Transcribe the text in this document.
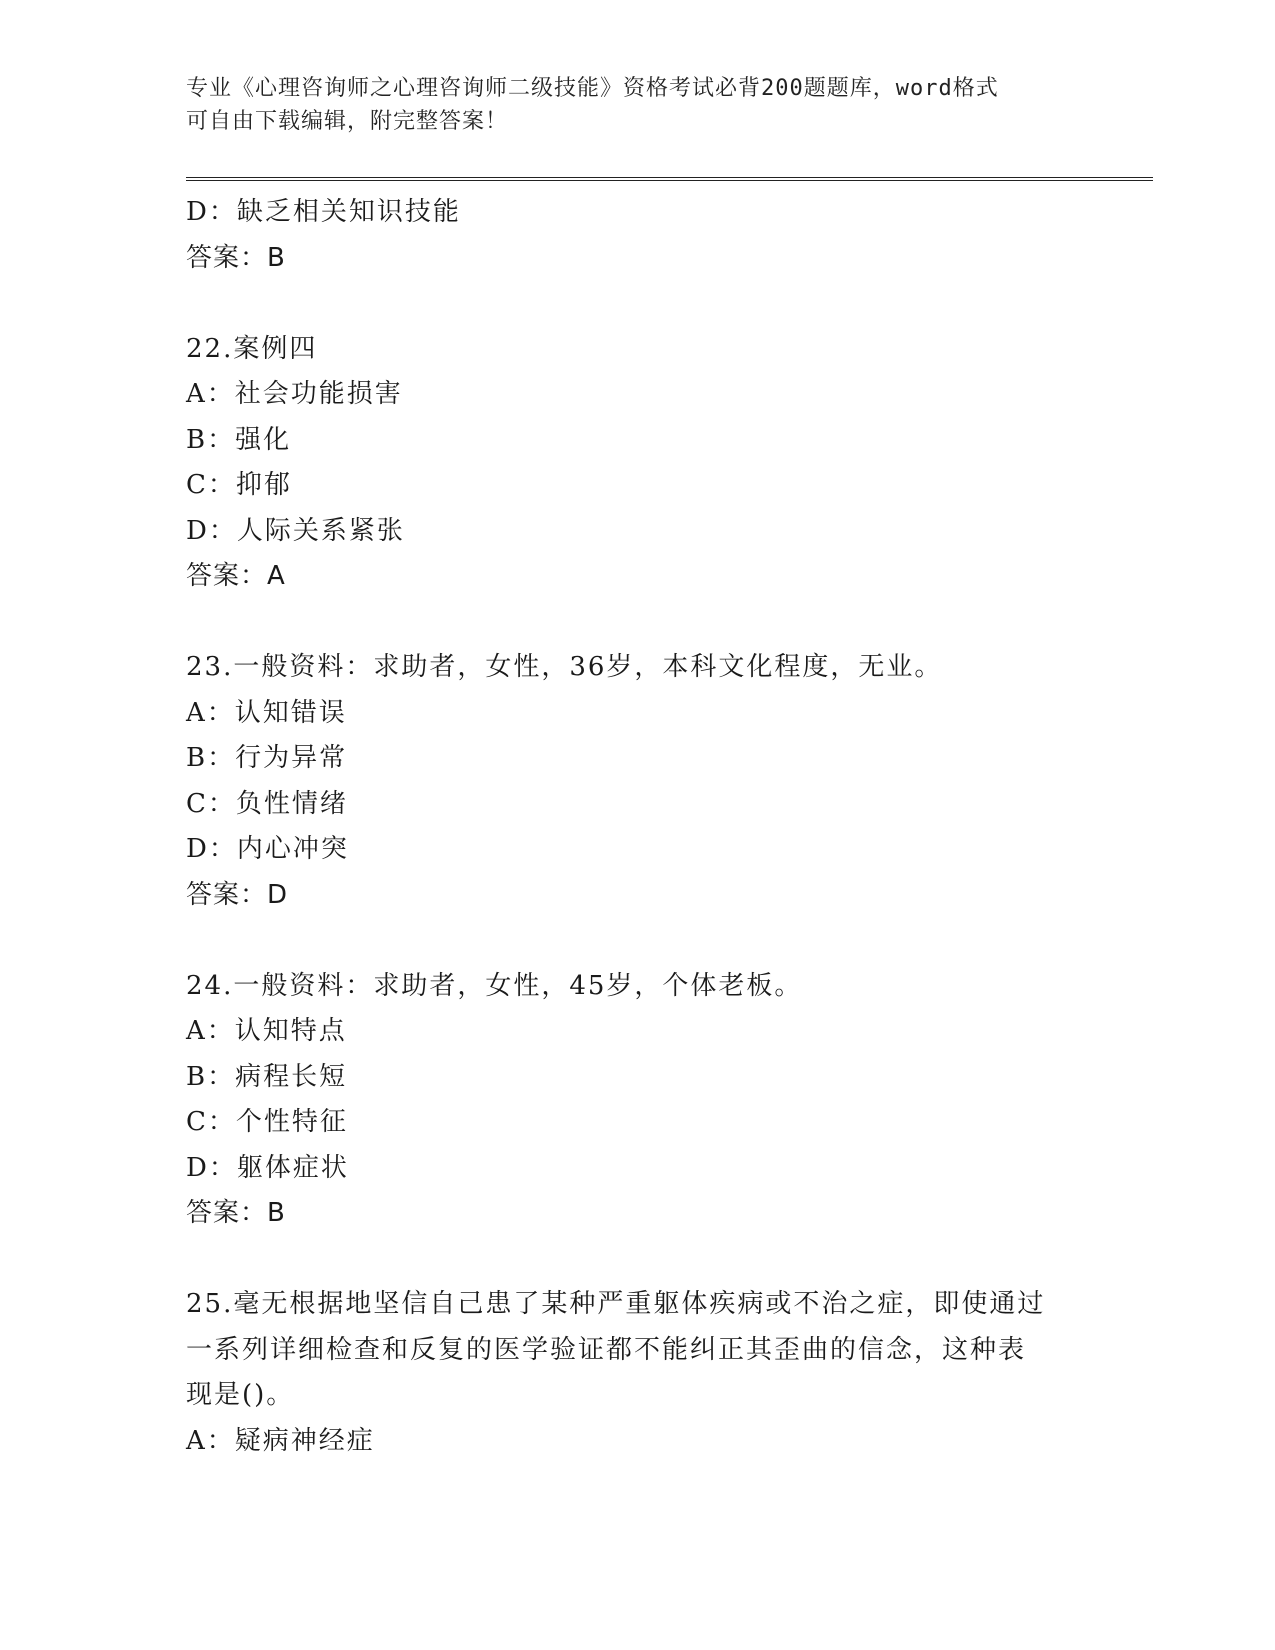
专业《心理咨询师之心理咨询师二级技能》资格考试必背200题题库，word格式
可自由下载编辑，附完整答案！
D：缺乏相关知识技能
答案：B
22.案例四
A：社会功能损害
B：强化
C：抑郁
D：人际关系紧张
答案：A
23.一般资料：求助者，女性，36岁，本科文化程度，无业。
A：认知错误
B：行为异常
C：负性情绪
D：内心冲突
答案：D
24.一般资料：求助者，女性，45岁，个体老板。
A：认知特点
B：病程长短
C：个性特征
D：躯体症状
答案：B
25.毫无根据地坚信自己患了某种严重躯体疾病或不治之症，即使通过
一系列详细检查和反复的医学验证都不能纠正其歪曲的信念，这种表
现是()。
A：疑病神经症
